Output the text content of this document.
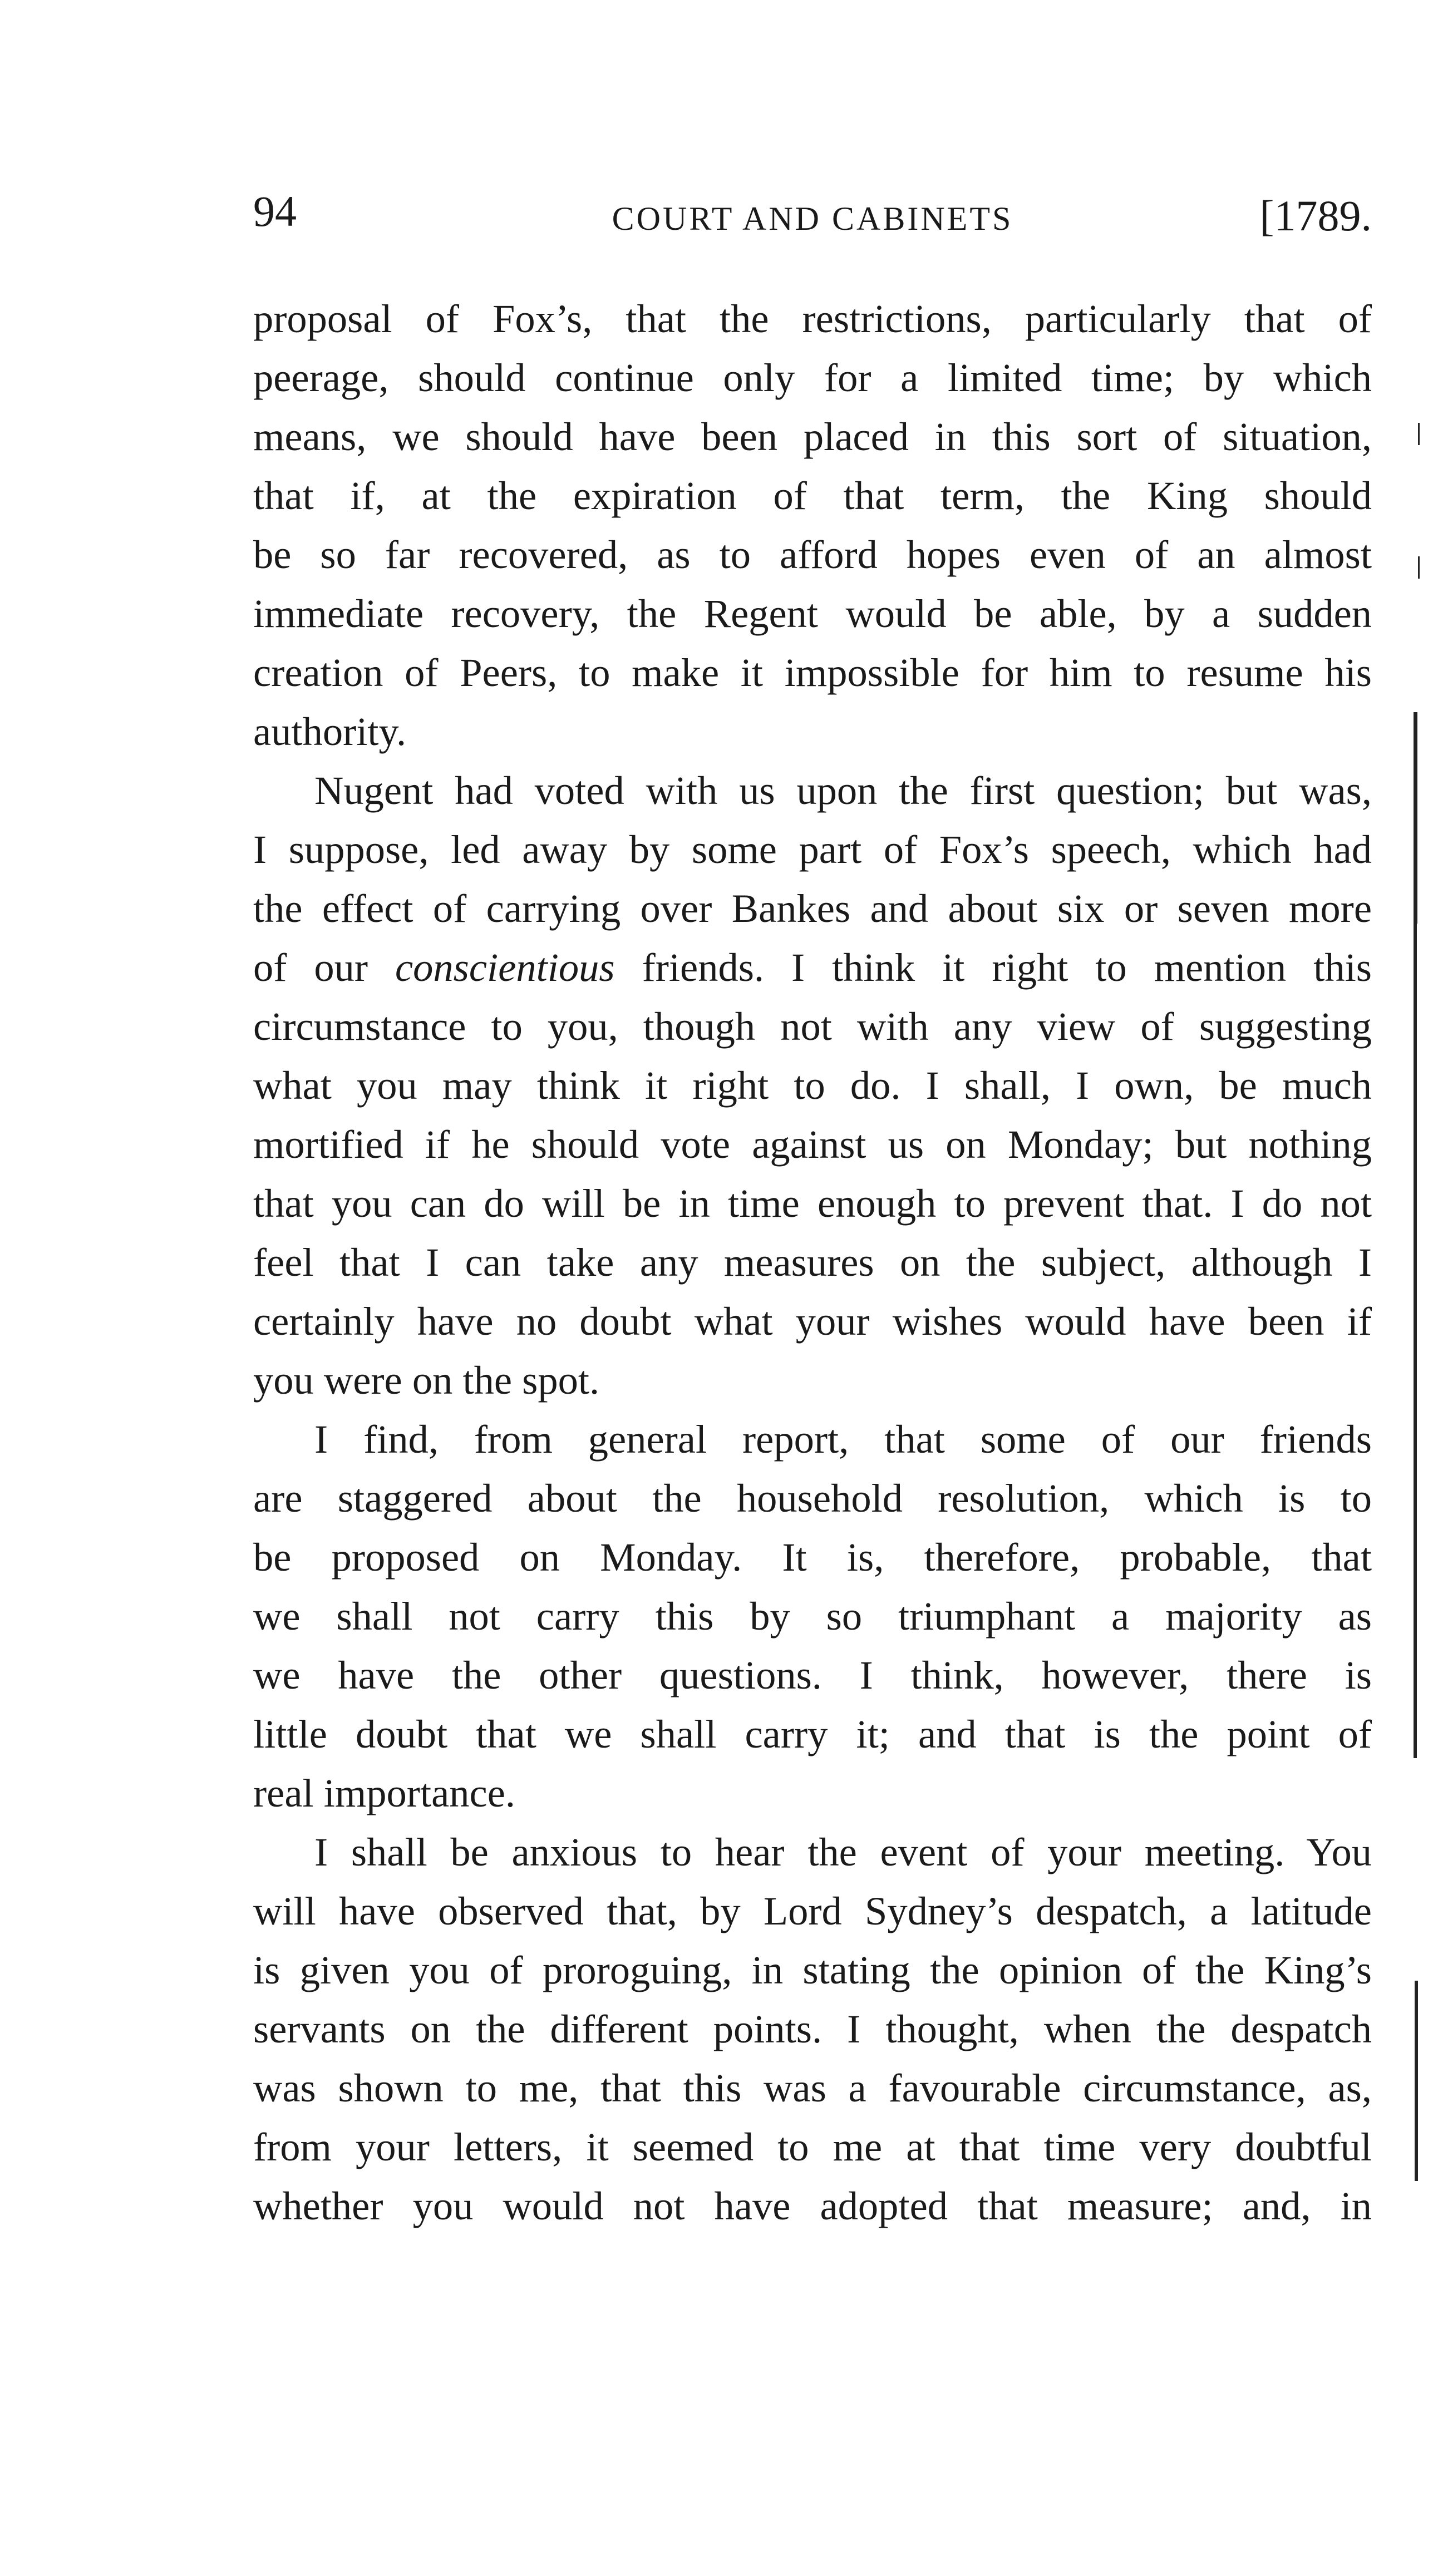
94	COURT AND CABINETS	[1789.
proposal of Fox’s, that the restrictions, particularly that of
peerage, should continue only for a limited time; by which
means, we should have been placed in this sort of situation,
that if, at the expiration of that term, the King should
be so far recovered, as to afford hopes even of an almost
immediate recovery, the Regent would be able, by a sudden
creation of Peers, to make it impossible for him to resume his
authority.
Nugent had voted with us upon the first question; but was,
I suppose, led away by some part of Fox’s speech, which had
the effect of carrying over Bankes and about six or seven more
of our conscientious friends. I think it right to mention this
circumstance to you, though not with any view of suggesting
what you may think it right to do. I shall, I own, be much
mortified if he should vote against us on Monday; but nothing
that you can do will be in time enough to prevent that. I do not
feel that I can take any measures on the subject, although I
certainly have no doubt what your wishes would have been if
you were on the spot.
I find, from general report, that some of our friends
are staggered about the household resolution, which is to
be proposed on Monday. It is, therefore, probable, that
we shall not carry this by so triumphant a majority as
we have the other questions. I think, however, there is
little doubt that we shall carry it; and that is the point of
real importance.
I shall be anxious to hear the event of your meeting. You
will have observed that, by Lord Sydney’s despatch, a latitude
is given you of proroguing, in stating the opinion of the King’s
servants on the different points. I thought, when the despatch
was shown to me, that this was a favourable circumstance, as,
from your letters, it seemed to me at that time very doubtful
whether you would not have adopted that measure; and, in
